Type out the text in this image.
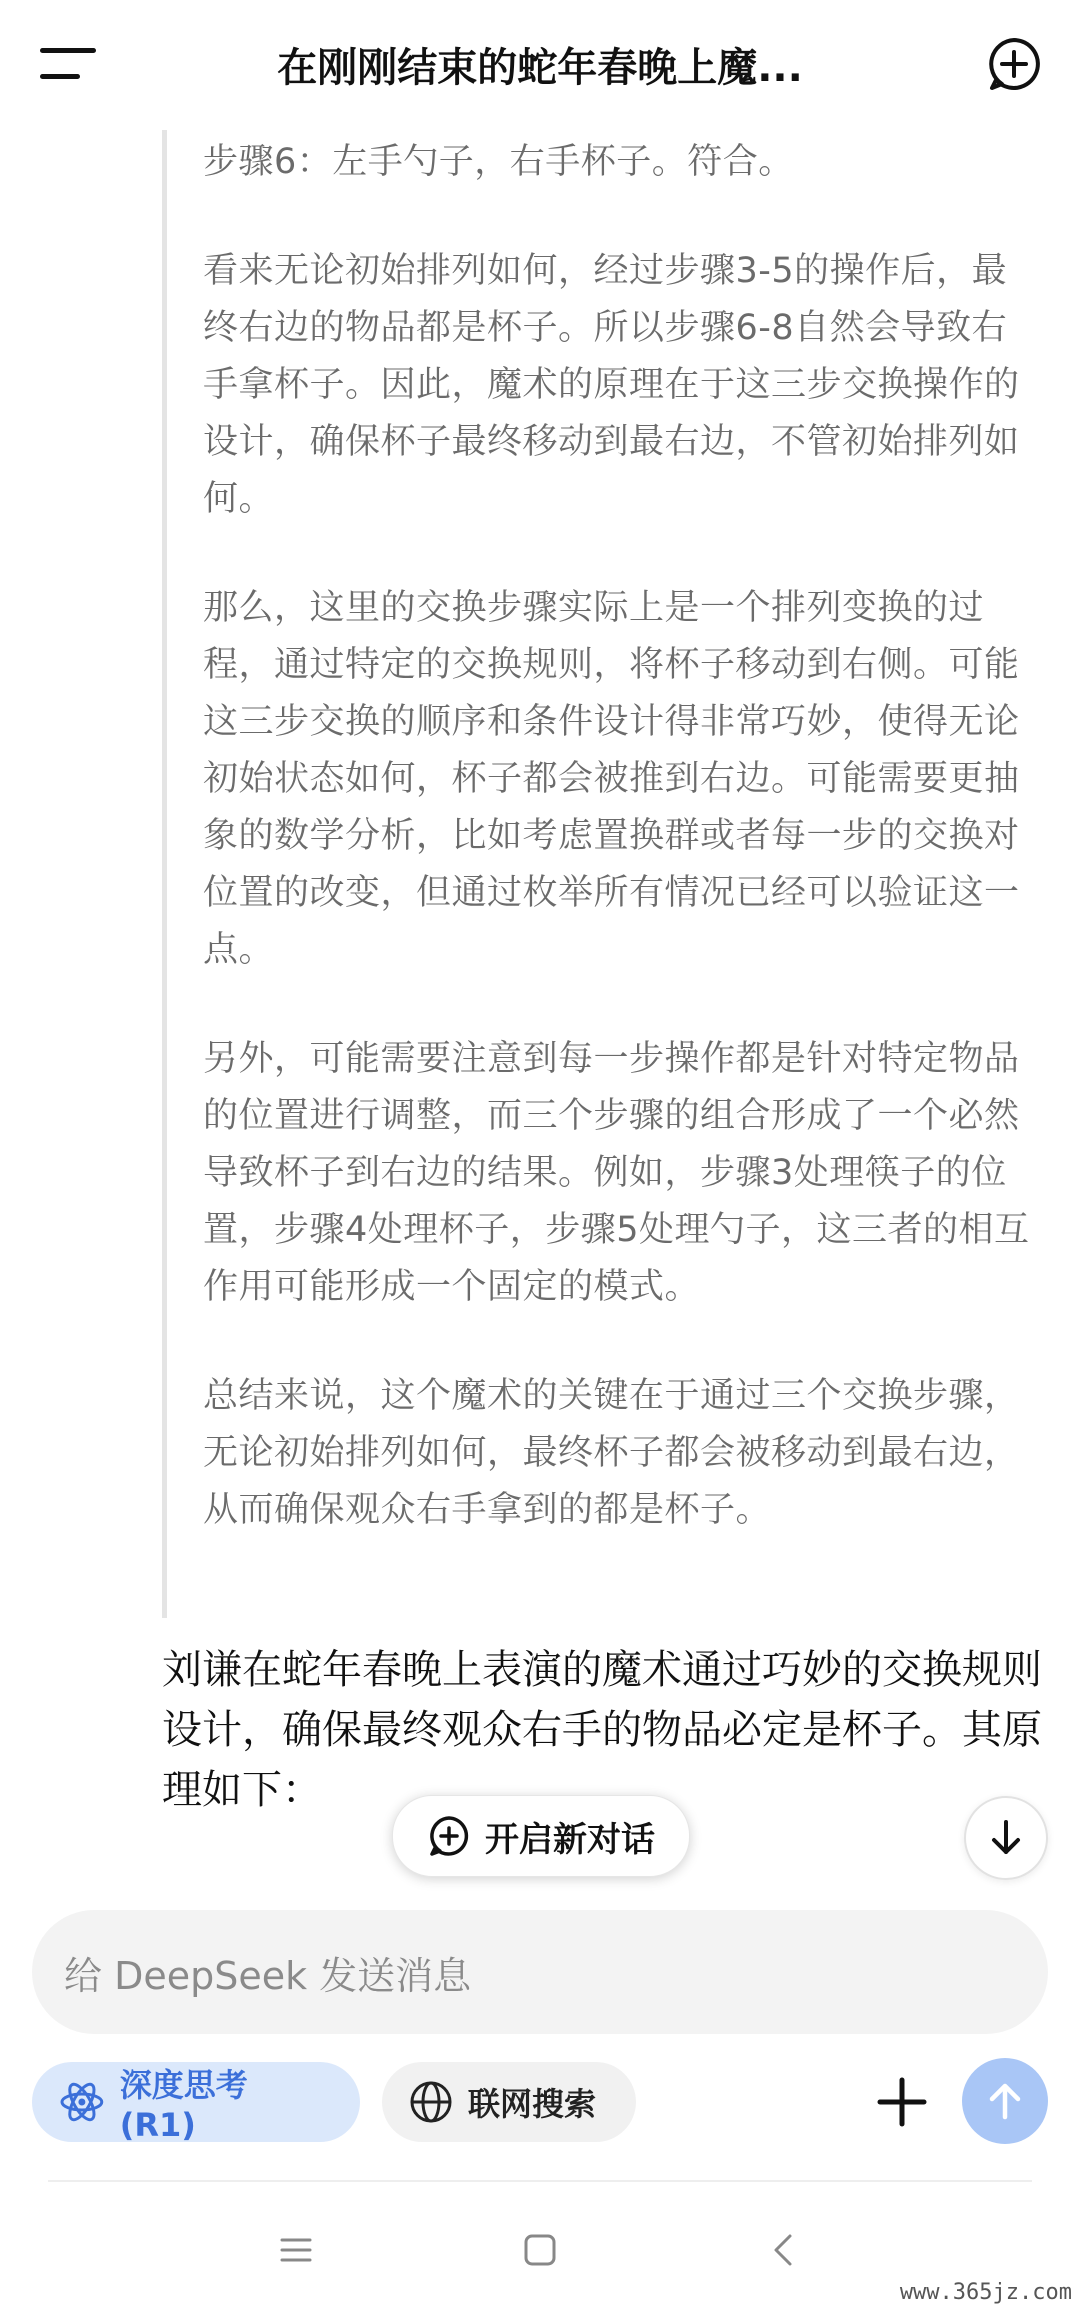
在刚刚结束的蛇年春晚上魔...

步骤6：左手勺子，右手杯子。符合。

看来无论初始排列如何，经过步骤3-5的操作后，最终右边的物品都是杯子。所以步骤6-8自然会导致右手拿杯子。因此，魔术的原理在于这三步交换操作的设计，确保杯子最终移动到最右边，不管初始排列如何。

那么，这里的交换步骤实际上是一个排列变换的过程，通过特定的交换规则，将杯子移动到右侧。可能这三步交换的顺序和条件设计得非常巧妙，使得无论初始状态如何，杯子都会被推到右边。可能需要更抽象的数学分析，比如考虑置换群或者每一步的交换对位置的改变，但通过枚举所有情况已经可以验证这一点。

另外，可能需要注意到每一步操作都是针对特定物品的位置进行调整，而三个步骤的组合形成了一个必然导致杯子到右边的结果。例如，步骤3处理筷子的位置，步骤4处理杯子，步骤5处理勺子，这三者的相互作用可能形成一个固定的模式。

总结来说，这个魔术的关键在于通过三个交换步骤，无论初始排列如何，最终杯子都会被移动到最右边，从而确保观众右手拿到的都是杯子。

刘谦在蛇年春晚上表演的魔术通过巧妙的交换规则设计，确保最终观众右手的物品必定是杯子。其原理如下：
开启新对话
给 DeepSeek 发送消息
深度思考 (R1)
联网搜索
www.365jz.com
